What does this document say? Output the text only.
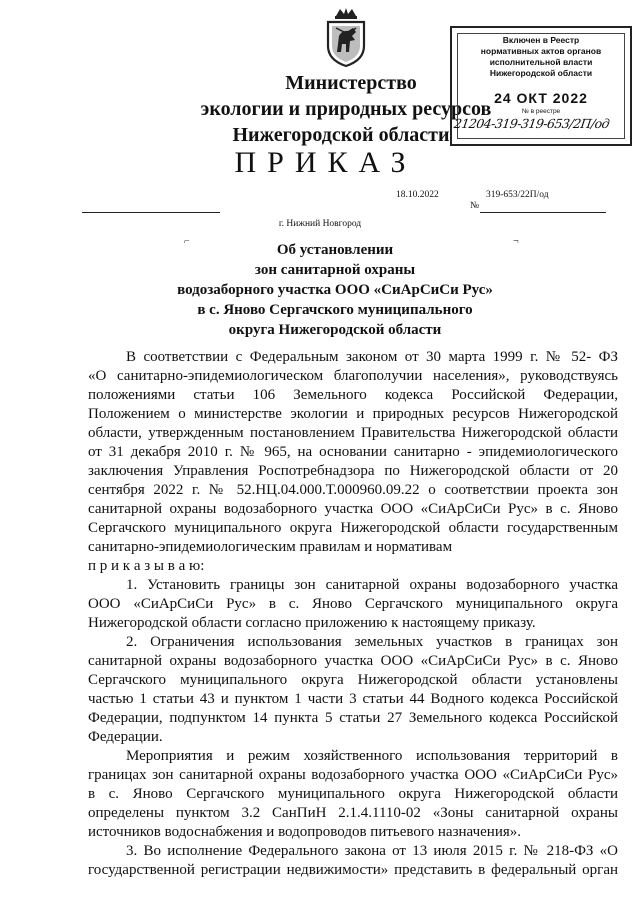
Министерство
экологии и природных ресурсов
Нижегородской области
Включен в Реестр
нормативных актов органов
исполнительной власти
Нижегородской области
24 ОКТ 2022
№ в реестре
21204-319-319-653/2П/од
ПРИКАЗ
18.10.2022	319-653/22П/од
№
г. Нижний Новгород
⌐	¬
Об установлении
зон санитарной охраны
водозаборного участка ООО «СиАрСиСи Рус»
в с. Яново Сергачского муниципального
округа Нижегородской области
В соответствии с Федеральным законом от 30 марта 1999 г. № 52- ФЗ
«О санитарно-эпидемиологическом благополучии населения», руководствуясь
положениями статьи 106 Земельного кодекса Российской Федерации,
Положением о министерстве экологии и природных ресурсов Нижегородской
области, утвержденным постановлением Правительства Нижегородской области
от 31 декабря 2010 г. № 965, на основании санитарно - эпидемиологического
заключения Управления Роспотребнадзора по Нижегородской области от 20
сентября 2022 г. № 52.НЦ.04.000.Т.000960.09.22 о соответствии проекта зон
санитарной охраны водозаборного участка ООО «СиАрСиСи Рус» в с. Яново
Сергачского муниципального округа Нижегородской области государственным
санитарно-эпидемиологическим правилам и нормативам
п р и к а з ы в а ю:
1. Установить границы зон санитарной охраны водозаборного участка
ООО «СиАрСиСи Рус» в с. Яново Сергачского муниципального округа
Нижегородской области согласно приложению к настоящему приказу.
2. Ограничения использования земельных участков в границах зон
санитарной охраны водозаборного участка ООО «СиАрСиСи Рус» в с. Яново
Сергачского муниципального округа Нижегородской области установлены
частью 1 статьи 43 и пунктом 1 части 3 статьи 44 Водного кодекса Российской
Федерации, подпунктом 14 пункта 5 статьи 27 Земельного кодекса Российской
Федерации.
Мероприятия и режим хозяйственного использования территорий в
границах зон санитарной охраны водозаборного участка ООО «СиАрСиСи Рус»
в с. Яново Сергачского муниципального округа Нижегородской области
определены пунктом 3.2 СанПиН 2.1.4.1110-02 «Зоны санитарной охраны
источников водоснабжения и водопроводов питьевого назначения».
3. Во исполнение Федерального закона от 13 июля 2015 г. № 218-ФЗ «О
государственной регистрации недвижимости» представить в федеральный орган
